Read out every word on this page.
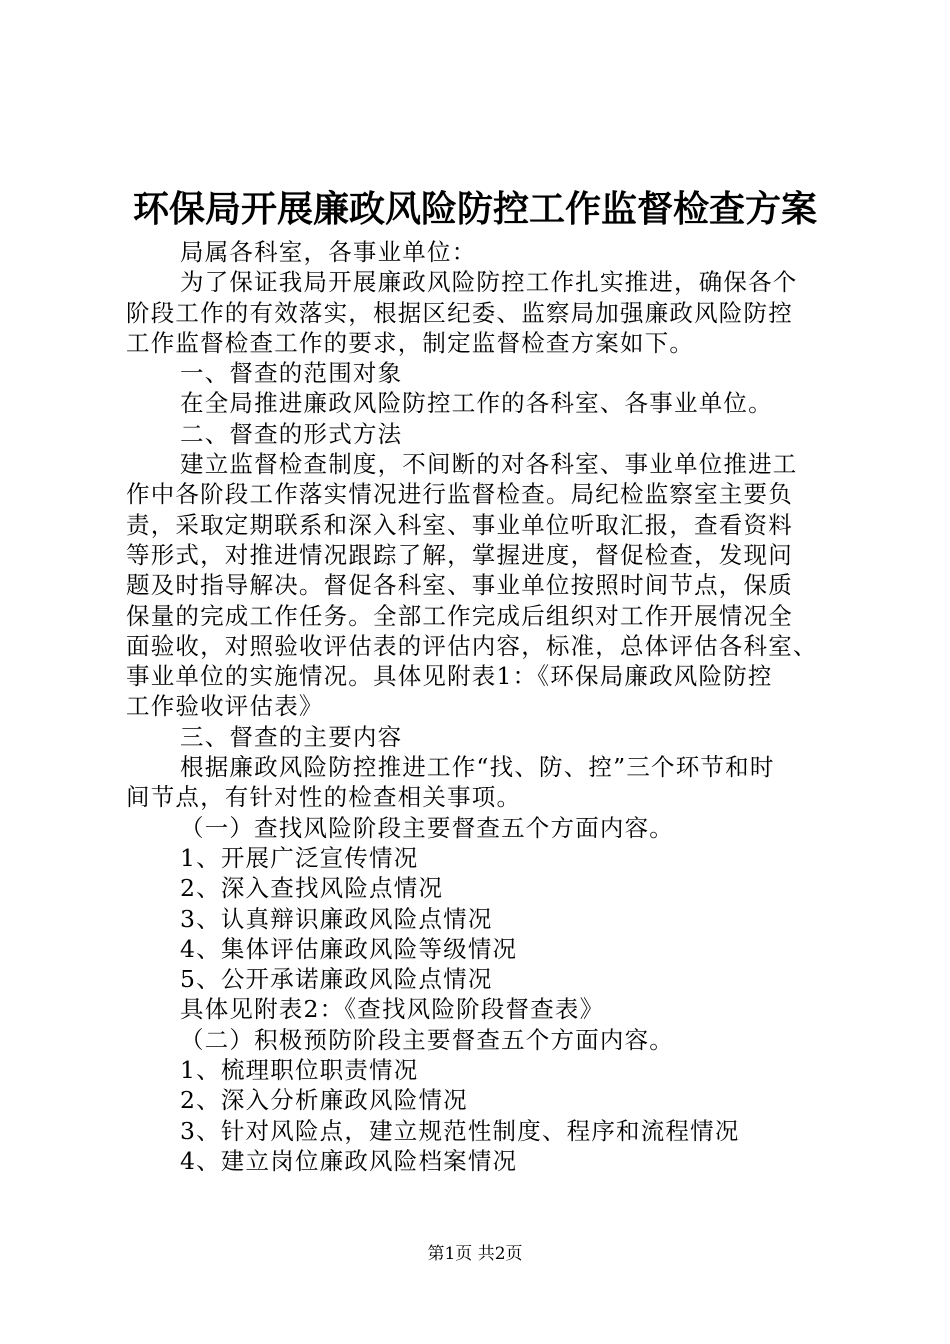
环保局开展廉政风险防控工作监督检查方案
局属各科室，各事业单位：
为了保证我局开展廉政风险防控工作扎实推进，确保各个
阶段工作的有效落实，根据区纪委、监察局加强廉政风险防控
工作监督检查工作的要求，制定监督检查方案如下。
一、督查的范围对象
在全局推进廉政风险防控工作的各科室、各事业单位。
二、督查的形式方法
建立监督检查制度，不间断的对各科室、事业单位推进工
作中各阶段工作落实情况进行监督检查。局纪检监察室主要负
责，采取定期联系和深入科室、事业单位听取汇报，查看资料
等形式，对推进情况跟踪了解，掌握进度，督促检查，发现问
题及时指导解决。督促各科室、事业单位按照时间节点，保质
保量的完成工作任务。全部工作完成后组织对工作开展情况全
面验收，对照验收评估表的评估内容，标准，总体评估各科室、
事业单位的实施情况。具体见附表1：《环保局廉政风险防控
工作验收评估表》
三、督查的主要内容
根据廉政风险防控推进工作“找、防、控”三个环节和时
间节点，有针对性的检查相关事项。
（一）查找风险阶段主要督查五个方面内容。
1、开展广泛宣传情况
2、深入查找风险点情况
3、认真辩识廉政风险点情况
4、集体评估廉政风险等级情况
5、公开承诺廉政风险点情况
具体见附表2：《查找风险阶段督查表》
（二）积极预防阶段主要督查五个方面内容。
1、梳理职位职责情况
2、深入分析廉政风险情况
3、针对风险点，建立规范性制度、程序和流程情况
4、建立岗位廉政风险档案情况
第1页 共2页
